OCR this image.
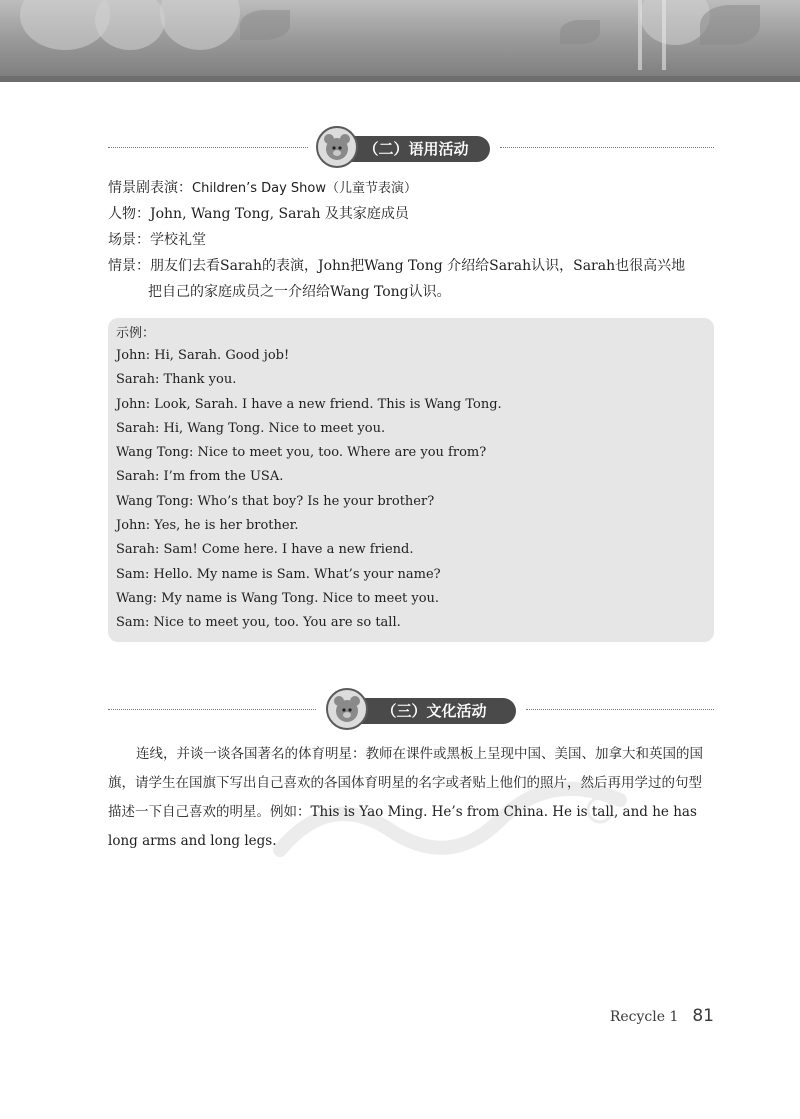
（二）语用活动
情景剧表演：Children’s Day Show（儿童节表演）
人物：John, Wang Tong, Sarah 及其家庭成员
场景：学校礼堂
情景：朋友们去看Sarah的表演，John把Wang Tong 介绍给Sarah认识，Sarah也很高兴地
把自己的家庭成员之一介绍给Wang Tong认识。
示例：
John: Hi, Sarah. Good job!
Sarah: Thank you.
John: Look, Sarah. I have a new friend. This is Wang Tong.
Sarah: Hi, Wang Tong. Nice to meet you.
Wang Tong: Nice to meet you, too. Where are you from?
Sarah: I’m from the USA.
Wang Tong: Who’s that boy? Is he your brother?
John: Yes, he is her brother.
Sarah: Sam! Come here. I have a new friend.
Sam: Hello. My name is Sam. What’s your name?
Wang: My name is Wang Tong. Nice to meet you.
Sam: Nice to meet you, too. You are so tall.
（三）文化活动

连线，并谈一谈各国著名的体育明星：教师在课件或黑板上呈现中国、美国、加拿大和英国的国旗，请学生在国旗下写出自己喜欢的各国体育明星的名字或者贴上他们的照片，然后再用学过的句型描述一下自己喜欢的明星。例如：This is Yao Ming. He’s from China. He is tall, and he has long arms and long legs.

Recycle 1 81
